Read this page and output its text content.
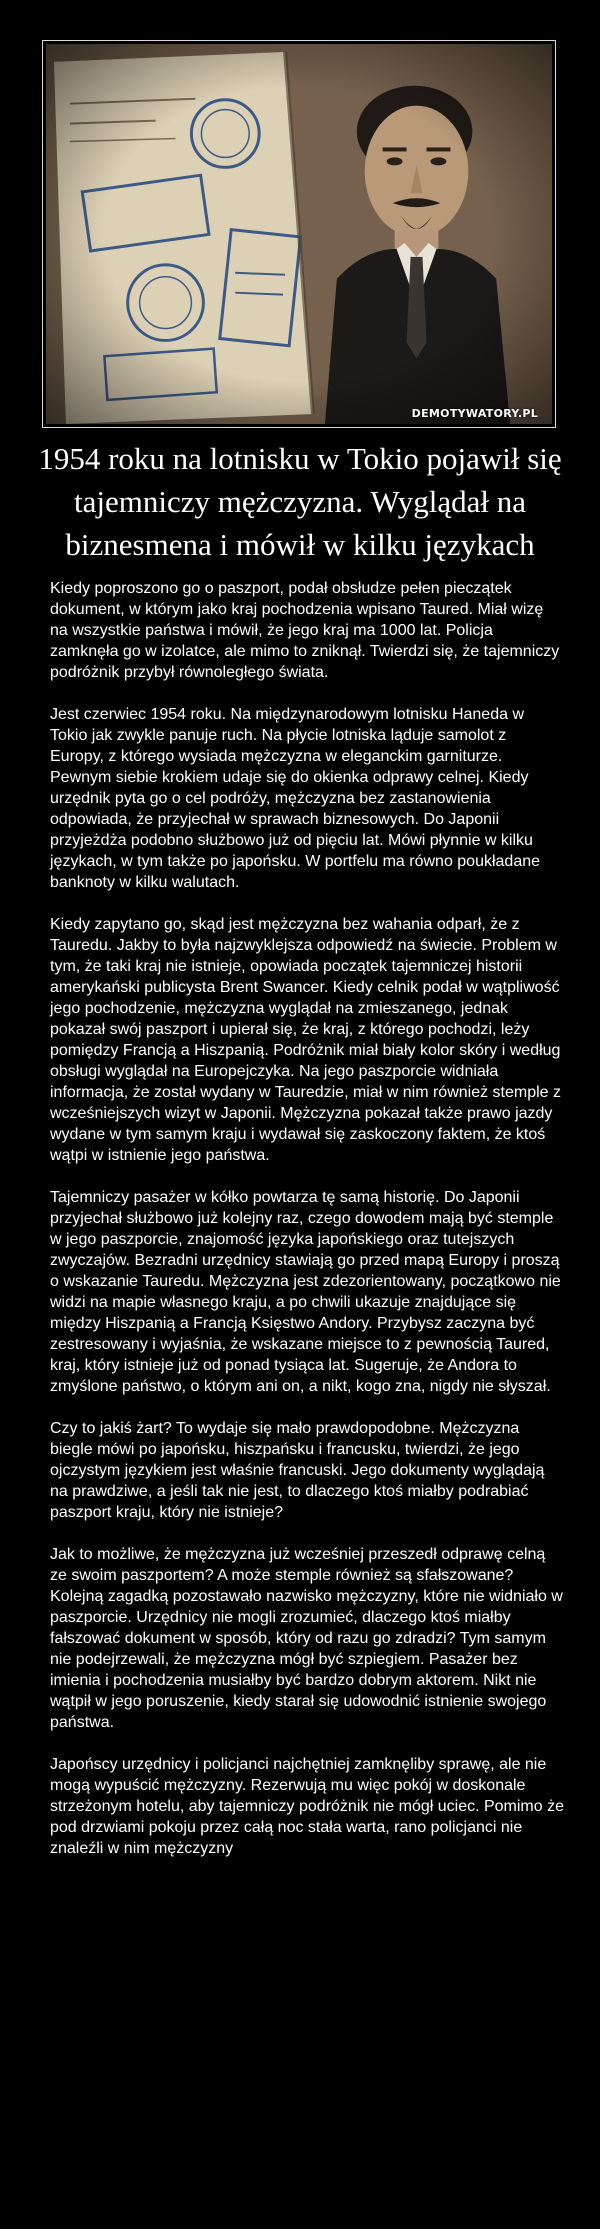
DEMOTYWATORY.PL
1954 roku na lotnisku w Tokio pojawił się tajemniczy mężczyzna. Wyglądał na biznesmena i mówił w kilku językach

Kiedy poproszono go o paszport, podał obsłudze pełen pieczątek dokument, w którym jako kraj pochodzenia wpisano Taured. Miał wizę na wszystkie państwa i mówił, że jego kraj ma 1000 lat. Policja zamknęła go w izolatce, ale mimo to zniknął. Twierdzi się, że tajemniczy podróżnik przybył równoległego świata.

Jest czerwiec 1954 roku. Na międzynarodowym lotnisku Haneda w Tokio jak zwykle panuje ruch. Na płycie lotniska ląduje samolot z Europy, z którego wysiada mężczyzna w eleganckim garniturze. Pewnym siebie krokiem udaje się do okienka odprawy celnej. Kiedy urzędnik pyta go o cel podróży, mężczyzna bez zastanowienia odpowiada, że przyjechał w sprawach biznesowych. Do Japonii przyjeżdża podobno służbowo już od pięciu lat. Mówi płynnie w kilku językach, w tym także po japońsku. W portfelu ma równo poukładane banknoty w kilku walutach.

Kiedy zapytano go, skąd jest mężczyzna bez wahania odparł, że z Tauredu. Jakby to była najzwyklejsza odpowiedź na świecie. Problem w tym, że taki kraj nie istnieje, opowiada początek tajemniczej historii amerykański publicysta Brent Swancer. Kiedy celnik podał w wątpliwość jego pochodzenie, mężczyzna wyglądał na zmieszanego, jednak pokazał swój paszport i upierał się, że kraj, z którego pochodzi, leży pomiędzy Francją a Hiszpanią. Podróżnik miał biały kolor skóry i według obsługi wyglądał na Europejczyka. Na jego paszporcie widniała informacja, że został wydany w Tauredzie, miał w nim również stemple z wcześniejszych wizyt w Japonii. Mężczyzna pokazał także prawo jazdy wydane w tym samym kraju i wydawał się zaskoczony faktem, że ktoś wątpi w istnienie jego państwa.

Tajemniczy pasażer w kółko powtarza tę samą historię. Do Japonii przyjechał służbowo już kolejny raz, czego dowodem mają być stemple w jego paszporcie, znajomość języka japońskiego oraz tutejszych zwyczajów. Bezradni urzędnicy stawiają go przed mapą Europy i proszą o wskazanie Tauredu. Mężczyzna jest zdezorientowany, początkowo nie widzi na mapie własnego kraju, a po chwili ukazuje znajdujące się między Hiszpanią a Francją Księstwo Andory. Przybysz zaczyna być zestresowany i wyjaśnia, że wskazane miejsce to z pewnością Taured, kraj, który istnieje już od ponad tysiąca lat. Sugeruje, że Andora to zmyślone państwo, o którym ani on, a nikt, kogo zna, nigdy nie słyszał.

Czy to jakiś żart? To wydaje się mało prawdopodobne. Mężczyzna biegle mówi po japońsku, hiszpańsku i francusku, twierdzi, że jego ojczystym językiem jest właśnie francuski. Jego dokumenty wyglądają na prawdziwe, a jeśli tak nie jest, to dlaczego ktoś miałby podrabiać paszport kraju, który nie istnieje?

Jak to możliwe, że mężczyzna już wcześniej przeszedł odprawę celną ze swoim paszportem? A może stemple również są sfałszowane? Kolejną zagadką pozostawało nazwisko mężczyzny, które nie widniało w paszporcie. Urzędnicy nie mogli zrozumieć, dlaczego ktoś miałby fałszować dokument w sposób, który od razu go zdradzi? Tym samym nie podejrzewali, że mężczyzna mógł być szpiegiem. Pasażer bez imienia i pochodzenia musiałby być bardzo dobrym aktorem. Nikt nie wątpił w jego poruszenie, kiedy starał się udowodnić istnienie swojego państwa.

Japońscy urzędnicy i policjanci najchętniej zamknęliby sprawę, ale nie mogą wypuścić mężczyzny. Rezerwują mu więc pokój w doskonale strzeżonym hotelu, aby tajemniczy podróżnik nie mógł uciec. Pomimo że pod drzwiami pokoju przez całą noc stała warta, rano policjanci nie znaleźli w nim mężczyzny
